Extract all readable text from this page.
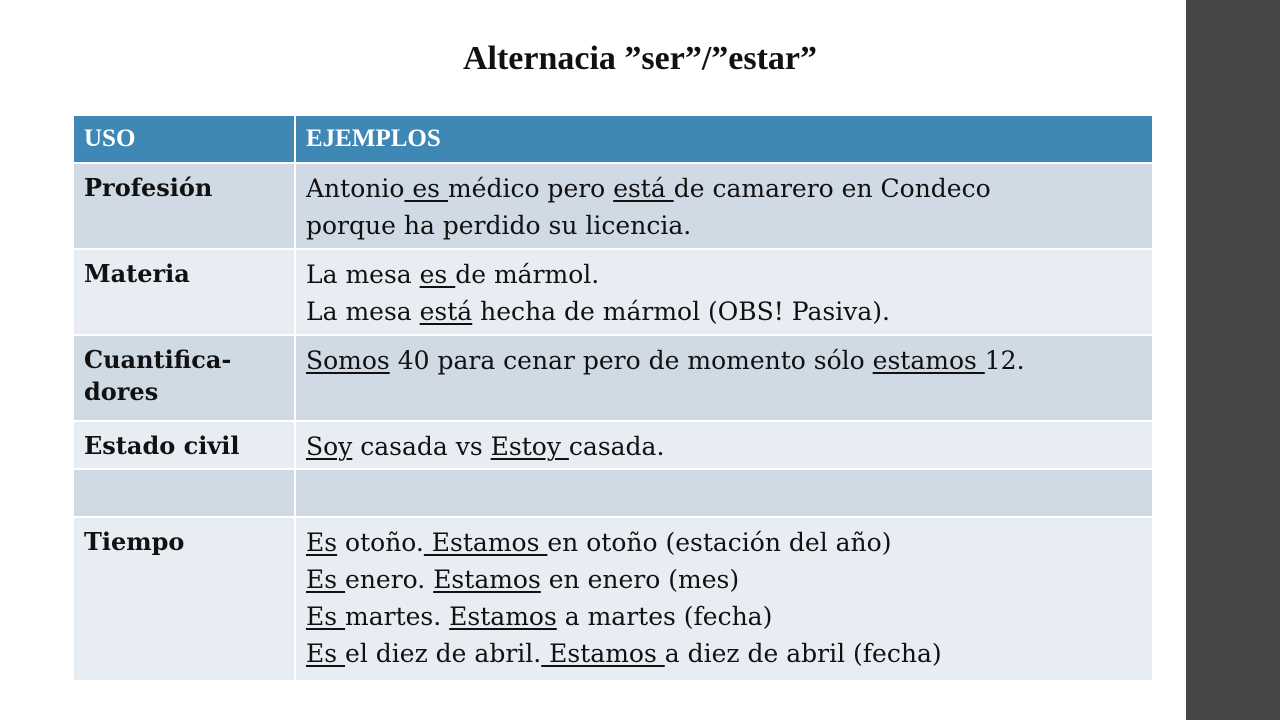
Alternacia ”ser”/”estar”
USO	EJEMPLOS
Profesión	Antonio es médico pero está de camarero en Condeco
porque ha perdido su licencia.

Materia	La mesa es de mármol.
La mesa está hecha de mármol (OBS! Pasiva).

Cuantifica-dores	Somos 40 para cenar pero de momento sólo estamos 12.

Estado civil	Soy casada vs Estoy casada.

Tiempo	Es otoño. Estamos en otoño (estación del año)
Es enero. Estamos en enero (mes)
Es martes. Estamos a martes (fecha)
Es el diez de abril. Estamos a diez de abril (fecha)
